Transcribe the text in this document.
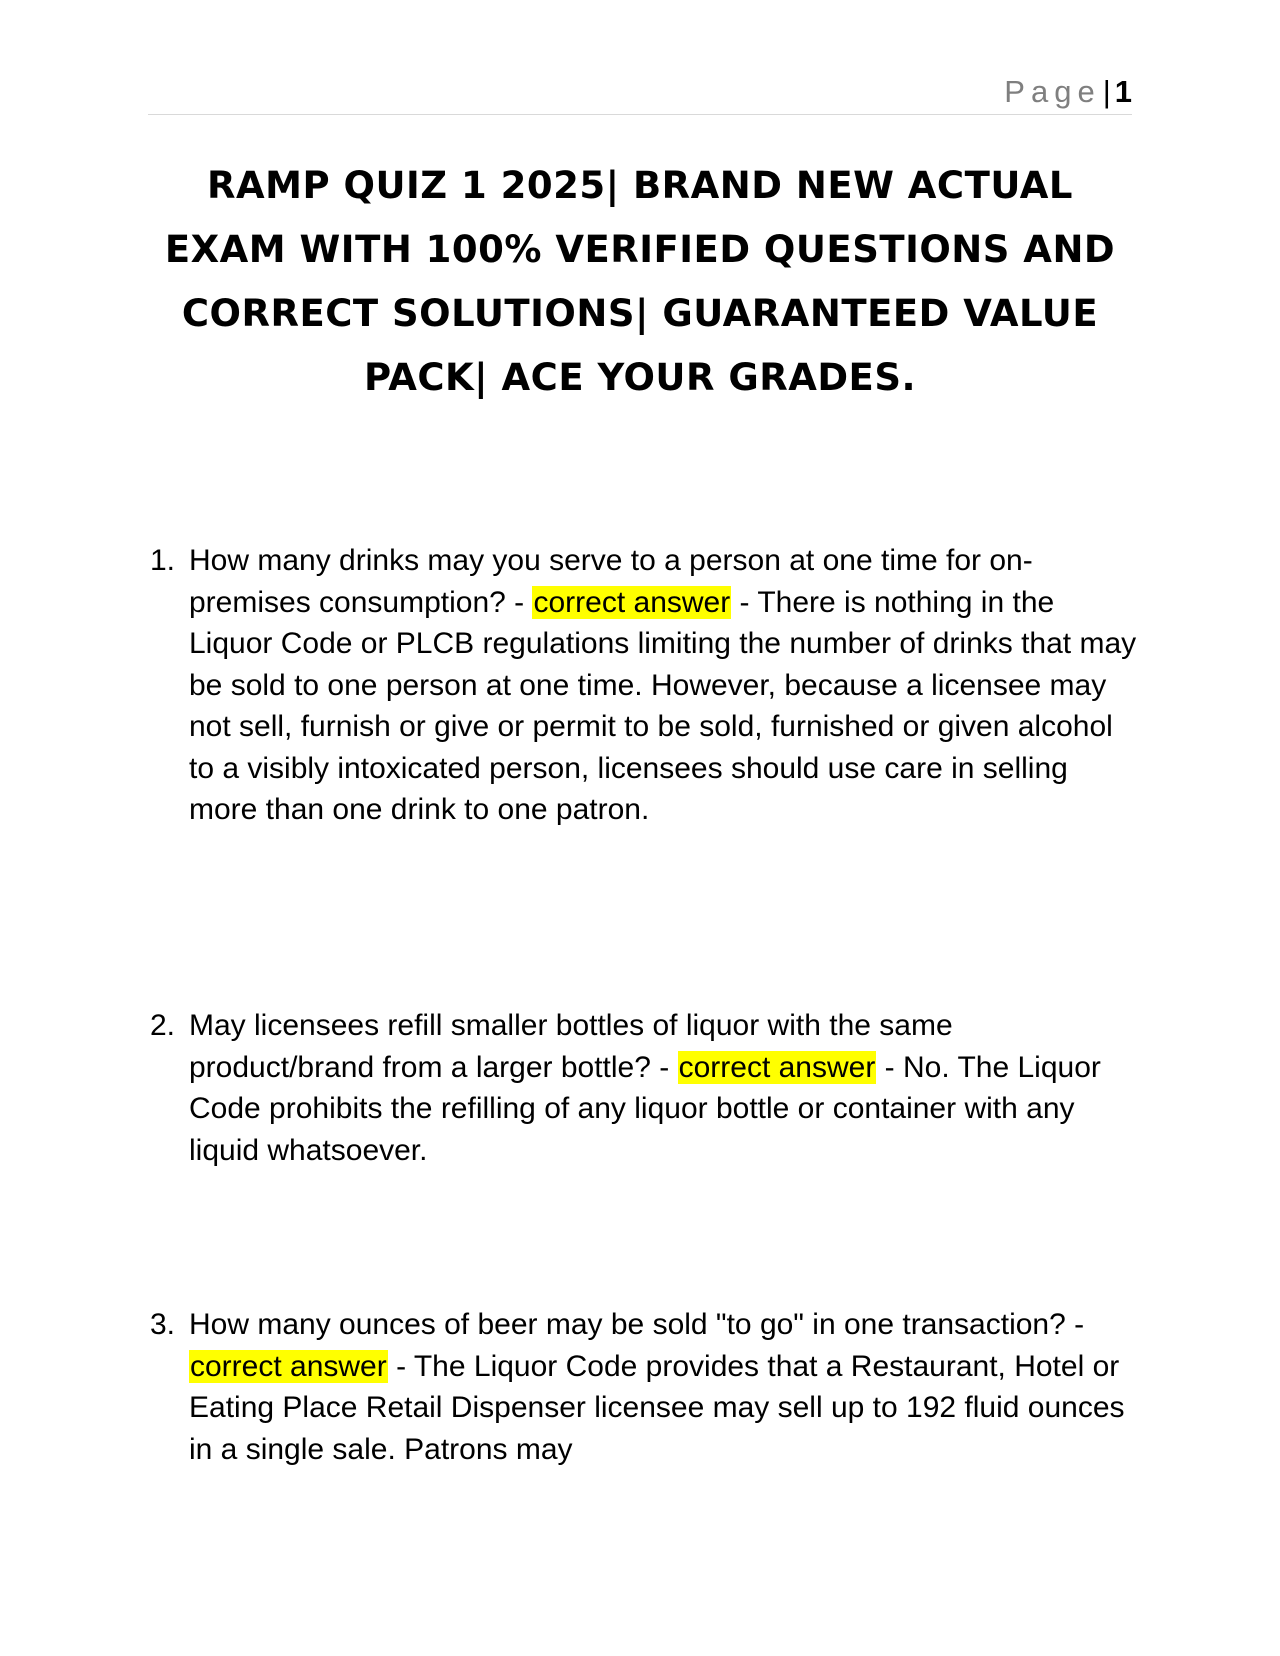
Page| 1
RAMP QUIZ 1 2025| BRAND NEW ACTUAL EXAM WITH 100% VERIFIED QUESTIONS AND CORRECT SOLUTIONS| GUARANTEED VALUE PACK| ACE YOUR GRADES.
1. How many drinks may you serve to a person at one time for on-premises consumption? - correct answer - There is nothing in the Liquor Code or PLCB regulations limiting the number of drinks that may be sold to one person at one time. However, because a licensee may not sell, furnish or give or permit to be sold, furnished or given alcohol to a visibly intoxicated person, licensees should use care in selling more than one drink to one patron.
2. May licensees refill smaller bottles of liquor with the same product/brand from a larger bottle? - correct answer - No. The Liquor Code prohibits the refilling of any liquor bottle or container with any liquid whatsoever.
3. How many ounces of beer may be sold "to go" in one transaction? - correct answer - The Liquor Code provides that a Restaurant, Hotel or Eating Place Retail Dispenser licensee may sell up to 192 fluid ounces in a single sale. Patrons may
